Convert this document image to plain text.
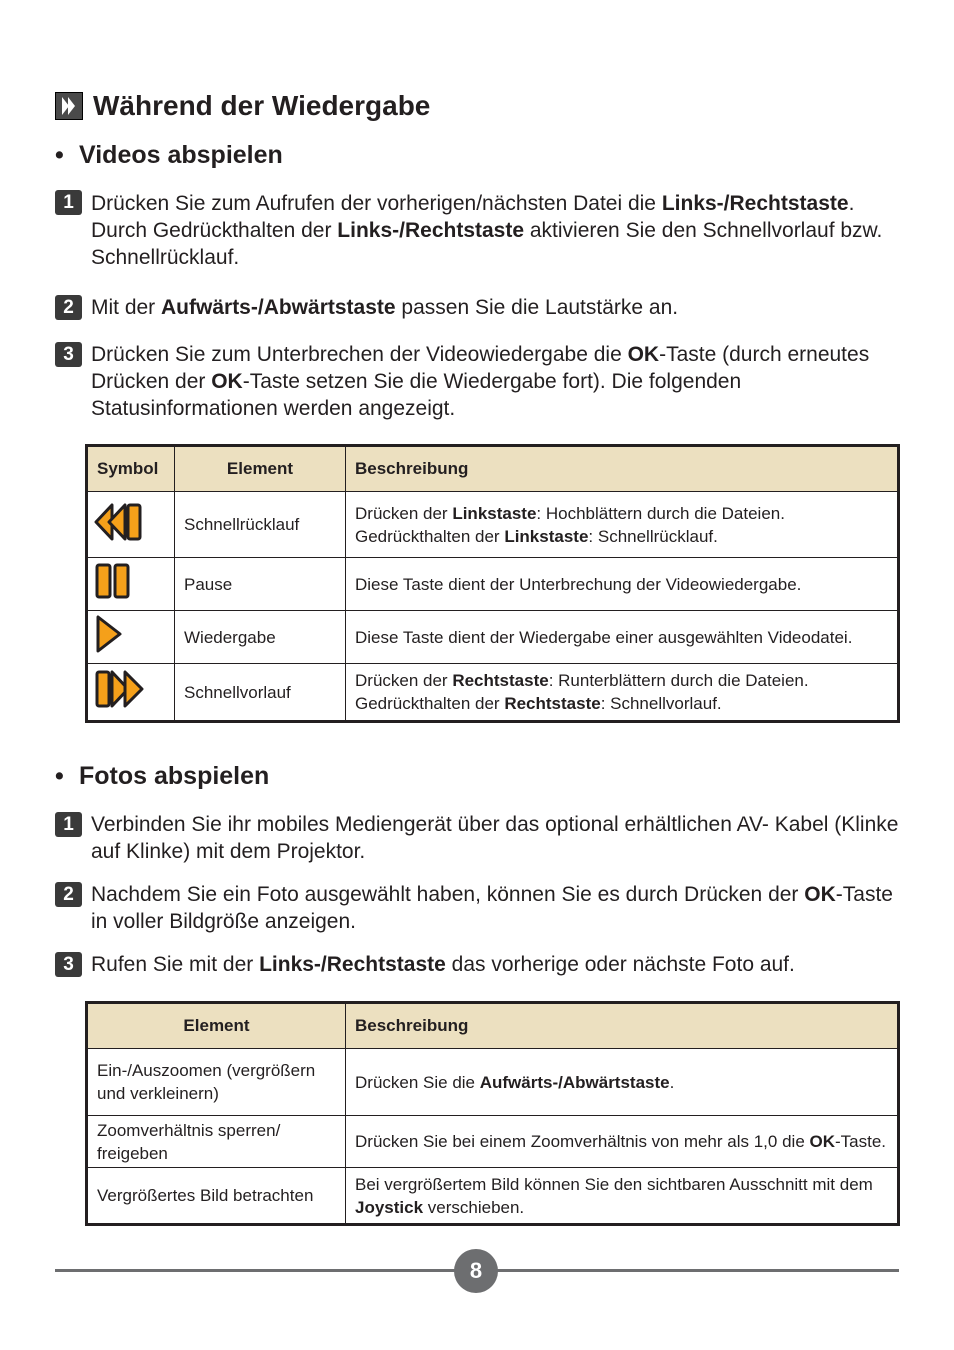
Während der Wiedergabe
• Videos abspielen
1 Drücken Sie zum Aufrufen der vorherigen/nächsten Datei die Links-/Rechtstaste. Durch Gedrückthalten der Links-/Rechtstaste aktivieren Sie den Schnellvorlauf bzw. Schnellrücklauf.
2 Mit der Aufwärts-/Abwärtstaste passen Sie die Lautstärke an.
3 Drücken Sie zum Unterbrechen der Videowiedergabe die OK-Taste (durch erneutes Drücken der OK-Taste setzen Sie die Wiedergabe fort). Die folgenden Statusinformationen werden angezeigt.
Symbol	Element	Beschreibung
	Schnellrücklauf	Drücken der Linkstaste: Hochblättern durch die Dateien.
Gedrückthalten der Linkstaste: Schnellrücklauf.
	Pause	Diese Taste dient der Unterbrechung der Videowiedergabe.
	Wiedergabe	Diese Taste dient der Wiedergabe einer ausgewählten Videodatei.
	Schnellvorlauf	Drücken der Rechtstaste: Runterblättern durch die Dateien.
Gedrückthalten der Rechtstaste: Schnellvorlauf.
• Fotos abspielen
1 Verbinden Sie ihr mobiles Mediengerät über das optional erhältlichen AV- Kabel (Klinke auf Klinke) mit dem Projektor.
2 Nachdem Sie ein Foto ausgewählt haben, können Sie es durch Drücken der OK-Taste in voller Bildgröße anzeigen.
3 Rufen Sie mit der Links-/Rechtstaste das vorherige oder nächste Foto auf.
Element	Beschreibung
Ein-/Auszoomen (vergrößern und verkleinern)	Drücken Sie die Aufwärts-/Abwärtstaste.
Zoomverhältnis sperren/ freigeben	Drücken Sie bei einem Zoomverhältnis von mehr als 1,0 die OK-Taste.
Vergrößertes Bild betrachten	Bei vergrößertem Bild können Sie den sichtbaren Ausschnitt mit dem Joystick verschieben.
8
